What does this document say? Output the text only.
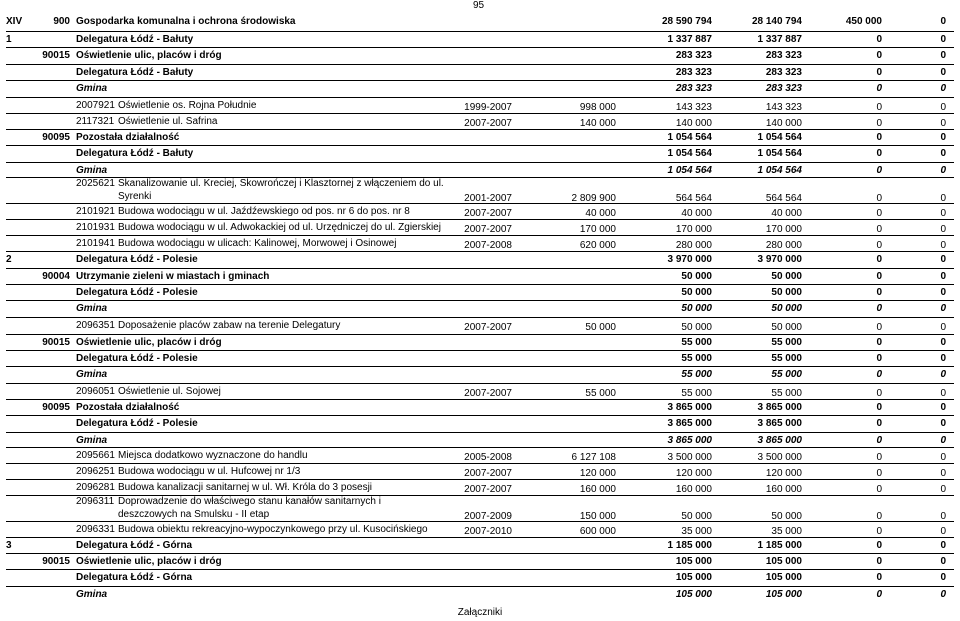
95
XIV	900 Gospodarka komunalna i ochrona środowiska	28 590 794	28 140 794	450 000	0
1	Delegatura Łódź - Bałuty	1 337 887	1 337 887	0	0
90015 Oświetlenie ulic, placów i dróg	283 323	283 323	0	0
Delegatura Łódź - Bałuty	283 323	283 323	0	0
Gmina	283 323	283 323	0	0
2007921 Oświetlenie os. Rojna Południe	1999-2007	998 000	143 323	143 323	0	0
2117321 Oświetlenie ul. Safrina	2007-2007	140 000	140 000	140 000	0	0
90095 Pozostała działalność	1 054 564	1 054 564	0	0
Delegatura Łódź - Bałuty	1 054 564	1 054 564	0	0
Gmina	1 054 564	1 054 564	0	0
2025621 Skanalizowanie ul. Kreciej, Skowrończej i Klasztornej z włączeniem do ul.
Syrenki	2001-2007	2 809 900	564 564	564 564	0	0
2101921 Budowa wodociągu w ul. Jaźdźewskiego od pos. nr 6 do pos. nr 8	2007-2007	40 000	40 000	40 000	0	0
2101931 Budowa wodociągu w ul. Adwokackiej od ul. Urzędniczej do ul. Zgierskiej	2007-2007	170 000	170 000	170 000	0	0
2101941 Budowa wodociągu w ulicach: Kalinowej, Morwowej i Osinowej	2007-2008	620 000	280 000	280 000	0	0
2	Delegatura Łódź - Polesie	3 970 000	3 970 000	0	0
90004 Utrzymanie zieleni w miastach i gminach	50 000	50 000	0	0
Delegatura Łódź - Polesie	50 000	50 000	0	0
Gmina	50 000	50 000	0	0
2096351 Doposażenie placów zabaw na terenie Delegatury	2007-2007	50 000	50 000	50 000	0	0
90015 Oświetlenie ulic, placów i dróg	55 000	55 000	0	0
Delegatura Łódź - Polesie	55 000	55 000	0	0
Gmina	55 000	55 000	0	0
2096051 Oświetlenie ul. Sojowej	2007-2007	55 000	55 000	55 000	0	0
90095 Pozostała działalność	3 865 000	3 865 000	0	0
Delegatura Łódź - Polesie	3 865 000	3 865 000	0	0
Gmina	3 865 000	3 865 000	0	0
2095661 Miejsca dodatkowo wyznaczone do handlu	2005-2008	6 127 108	3 500 000	3 500 000	0	0
2096251 Budowa wodociągu w ul. Hufcowej nr 1/3	2007-2007	120 000	120 000	120 000	0	0
2096281 Budowa kanalizacji sanitarnej w ul. Wł. Króla do 3 posesji	2007-2007	160 000	160 000	160 000	0	0
2096311 Doprowadzenie do właściwego stanu kanałów sanitarnych i
deszczowych na Smulsku - II etap	2007-2009	150 000	50 000	50 000	0	0
2096331 Budowa obiektu rekreacyjno-wypoczynkowego przy ul. Kusocińskiego	2007-2010	600 000	35 000	35 000	0	0
3	Delegatura Łódź - Górna	1 185 000	1 185 000	0	0
90015 Oświetlenie ulic, placów i dróg	105 000	105 000	0	0
Delegatura Łódź - Górna	105 000	105 000	0	0
Gmina	105 000	105 000	0	0
Załączniki
